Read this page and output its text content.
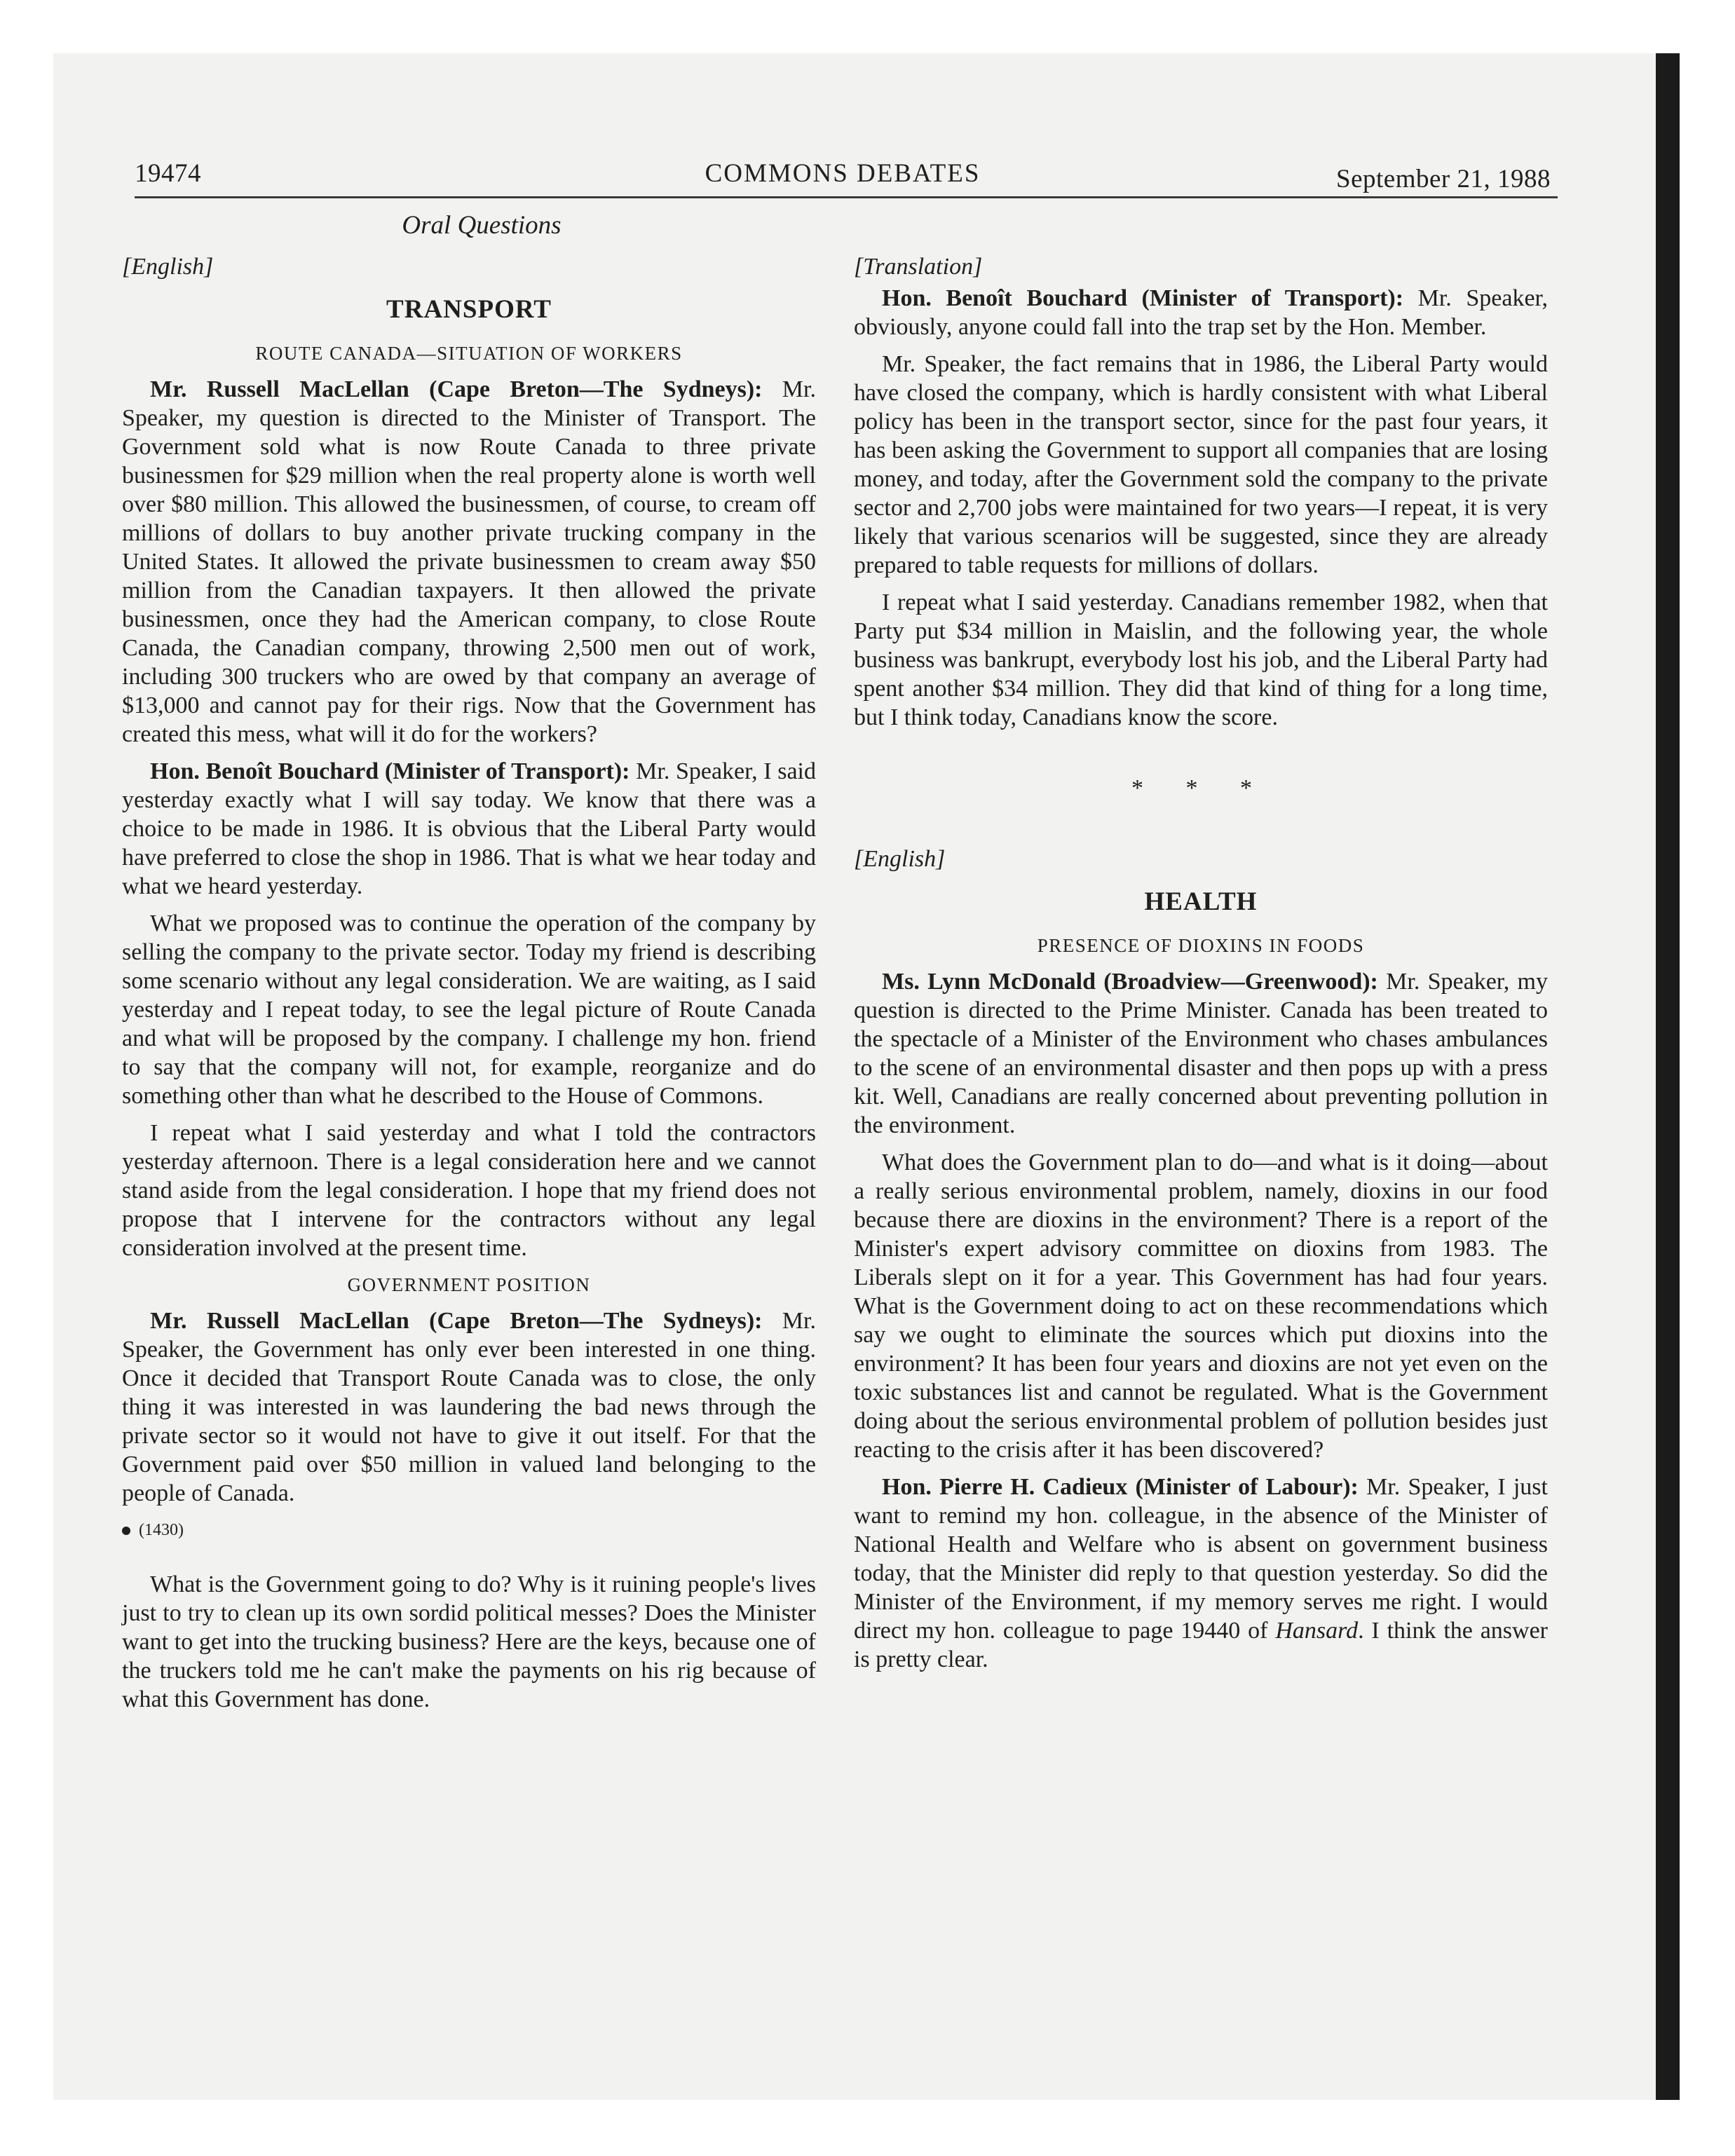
19474	COMMONS DEBATES	September 21, 1988
Oral Questions

[English]

TRANSPORT

ROUTE CANADA—SITUATION OF WORKERS

Mr. Russell MacLellan (Cape Breton—The Sydneys): Mr. Speaker, my question is directed to the Minister of Transport. The Government sold what is now Route Canada to three private businessmen for $29 million when the real property alone is worth well over $80 million. This allowed the businessmen, of course, to cream off millions of dollars to buy another private trucking company in the United States. It allowed the private businessmen to cream away $50 million from the Canadian taxpayers. It then allowed the private businessmen, once they had the American company, to close Route Canada, the Canadian company, throwing 2,500 men out of work, including 300 truckers who are owed by that company an average of $13,000 and cannot pay for their rigs. Now that the Government has created this mess, what will it do for the workers?

Hon. Benoît Bouchard (Minister of Transport): Mr. Speaker, I said yesterday exactly what I will say today. We know that there was a choice to be made in 1986. It is obvious that the Liberal Party would have preferred to close the shop in 1986. That is what we hear today and what we heard yesterday.

What we proposed was to continue the operation of the company by selling the company to the private sector. Today my friend is describing some scenario without any legal consideration. We are waiting, as I said yesterday and I repeat today, to see the legal picture of Route Canada and what will be proposed by the company. I challenge my hon. friend to say that the company will not, for example, reorganize and do something other than what he described to the House of Commons.

I repeat what I said yesterday and what I told the contractors yesterday afternoon. There is a legal consideration here and we cannot stand aside from the legal consideration. I hope that my friend does not propose that I intervene for the contractors without any legal consideration involved at the present time.

GOVERNMENT POSITION

Mr. Russell MacLellan (Cape Breton—The Sydneys): Mr. Speaker, the Government has only ever been interested in one thing. Once it decided that Transport Route Canada was to close, the only thing it was interested in was laundering the bad news through the private sector so it would not have to give it out itself. For that the Government paid over $50 million in valued land belonging to the people of Canada.

(1430)

What is the Government going to do? Why is it ruining people's lives just to try to clean up its own sordid political messes? Does the Minister want to get into the trucking business? Here are the keys, because one of the truckers told me he can't make the payments on his rig because of what this Government has done.

[Translation]

Hon. Benoît Bouchard (Minister of Transport): Mr. Speaker, obviously, anyone could fall into the trap set by the Hon. Member.

Mr. Speaker, the fact remains that in 1986, the Liberal Party would have closed the company, which is hardly consistent with what Liberal policy has been in the transport sector, since for the past four years, it has been asking the Government to support all companies that are losing money, and today, after the Government sold the company to the private sector and 2,700 jobs were maintained for two years—I repeat, it is very likely that various scenarios will be suggested, since they are already prepared to table requests for millions of dollars.

I repeat what I said yesterday. Canadians remember 1982, when that Party put $34 million in Maislin, and the following year, the whole business was bankrupt, everybody lost his job, and the Liberal Party had spent another $34 million. They did that kind of thing for a long time, but I think today, Canadians know the score.

* * *

[English]

HEALTH

PRESENCE OF DIOXINS IN FOODS

Ms. Lynn McDonald (Broadview—Greenwood): Mr. Speaker, my question is directed to the Prime Minister. Canada has been treated to the spectacle of a Minister of the Environment who chases ambulances to the scene of an environmental disaster and then pops up with a press kit. Well, Canadians are really concerned about preventing pollution in the environment.

What does the Government plan to do—and what is it doing—about a really serious environmental problem, namely, dioxins in our food because there are dioxins in the environment? There is a report of the Minister's expert advisory committee on dioxins from 1983. The Liberals slept on it for a year. This Government has had four years. What is the Government doing to act on these recommendations which say we ought to eliminate the sources which put dioxins into the environment? It has been four years and dioxins are not yet even on the toxic substances list and cannot be regulated. What is the Government doing about the serious environmental problem of pollution besides just reacting to the crisis after it has been discovered?

Hon. Pierre H. Cadieux (Minister of Labour): Mr. Speaker, I just want to remind my hon. colleague, in the absence of the Minister of National Health and Welfare who is absent on government business today, that the Minister did reply to that question yesterday. So did the Minister of the Environment, if my memory serves me right. I would direct my hon. colleague to page 19440 of Hansard. I think the answer is pretty clear.
